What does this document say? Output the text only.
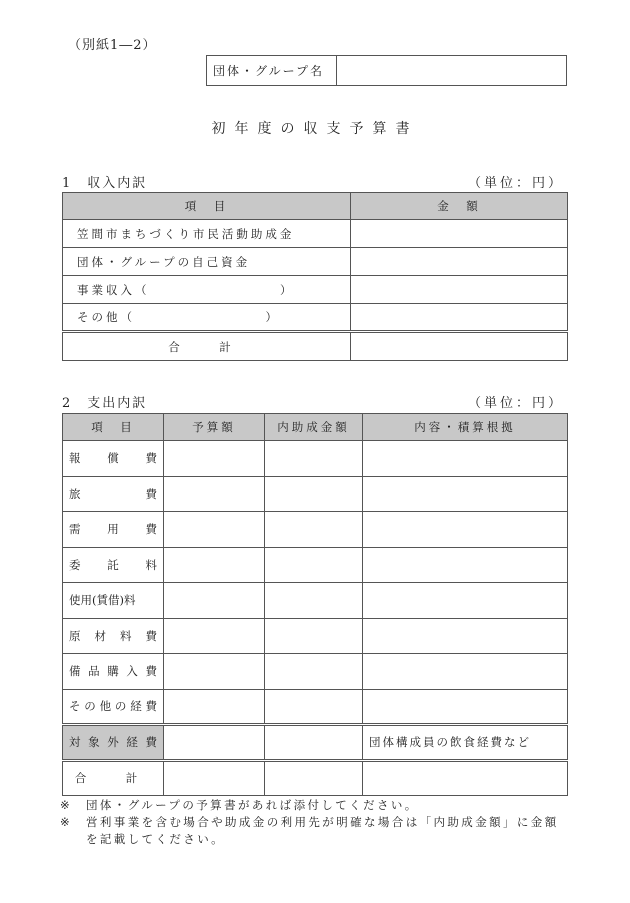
（別紙1―2）
団体・グループ名
初年度の収支予算書
1　収入内訳	（単位：円）
項　目	金　額
笠間市まちづくり市民活動助成金	
団体・グループの自己資金	
事業収入（　　　　　　　　　）	
その他（　　　　　　　　　）	
合　計	
2　支出内訳	（単位：円）
項　目	予算額	内助成金額	内容・積算根拠

報 償 費			

旅 費			

需 用 費			

委 託 料			

使用(賃借)料			

原 材 料 費			

備 品 購 入 費			

そ の 他 の 経 費

対 象 外 経 費			団体構成員の飲食経費など
合　計			
※	団体・グループの予算書があれば添付してください。
※	営利事業を含む場合や助成金の利用先が明確な場合は「内助成金額」に金額を記載してください。
